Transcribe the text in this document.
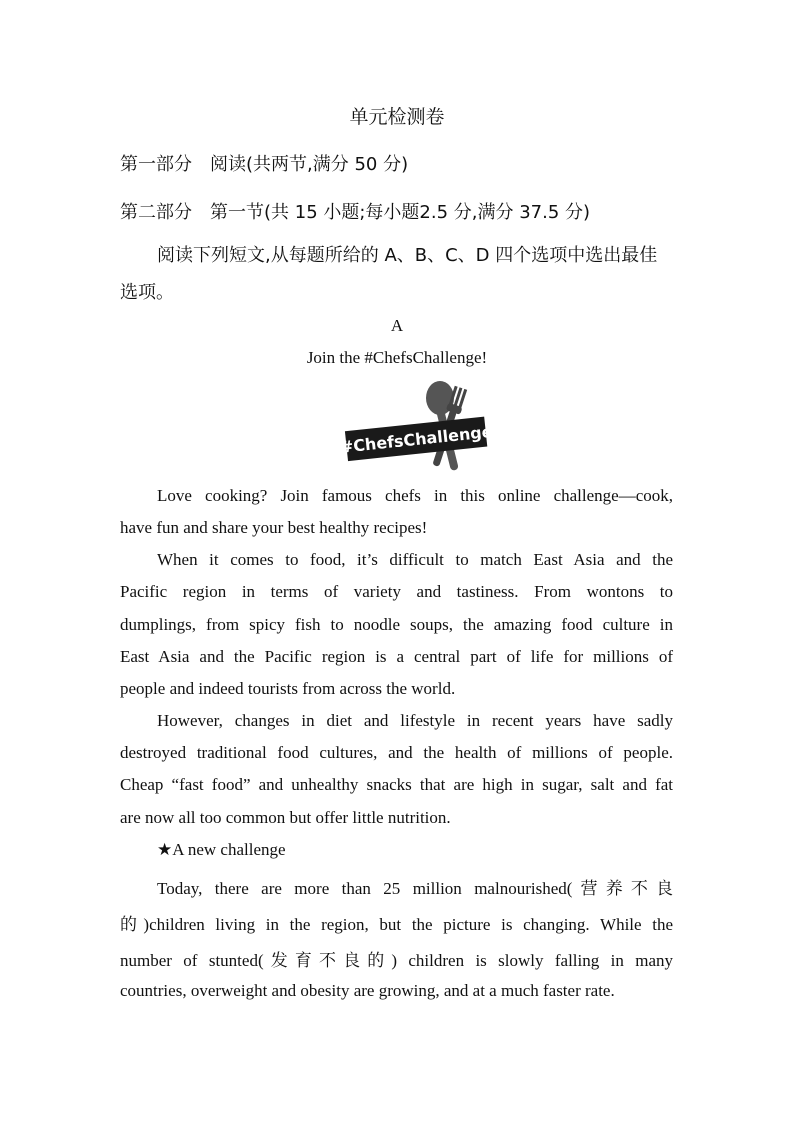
单元检测卷
第一部分 阅读(共两节,满分 50 分)
第二部分 第一节(共 15 小题;每小题2.5 分,满分 37.5 分)
阅读下列短文,从每题所给的 A、B、C、D 四个选项中选出最佳
选项。
A
Join the #ChefsChallenge!
#ChefsChallenge
Love cooking? Join famous chefs in this online challenge—cook,
have fun and share your best healthy recipes!
When it comes to food, it’s difficult to match East Asia and the
Pacific region in terms of variety and tastiness. From wontons to
dumplings, from spicy fish to noodle soups, the amazing food culture in
East Asia and the Pacific region is a central part of life for millions of
people and indeed tourists from across the world.
However, changes in diet and lifestyle in recent years have sadly
destroyed traditional food cultures, and the health of millions of people.
Cheap “fast food” and unhealthy snacks that are high in sugar, salt and fat
are now all too common but offer little nutrition.
★A new challenge
Today, there are more than 25 million malnourished(营养不良
的)children living in the region, but the picture is changing. While the
number of stunted(发育不良的) children is slowly falling in many
countries, overweight and obesity are growing, and at a much faster rate.
